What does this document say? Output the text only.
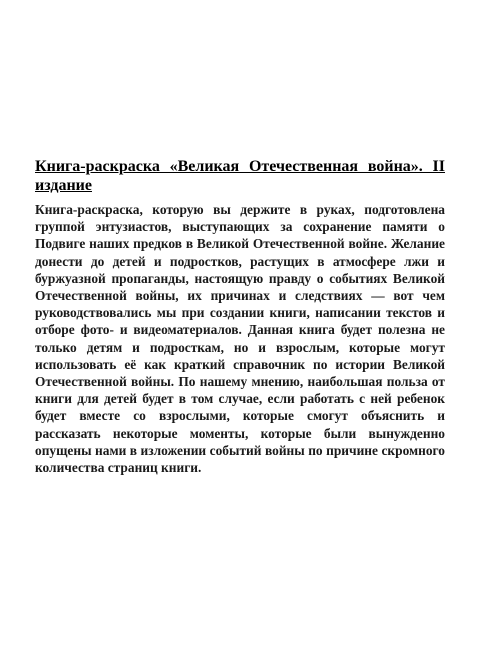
Книга-раскраска «Великая Отечественная война». II издание

Книга-раскраска, которую вы держите в руках, подготовлена группой энтузиастов, выступающих за сохранение памяти о Подвиге наших предков в Великой Отечественной войне. Желание донести до детей и подростков, растущих в атмосфере лжи и буржуазной пропаганды, настоящую правду о событиях Великой Отечественной войны, их причинах и следствиях — вот чем руководствовались мы при создании книги, написании текстов и отборе фото- и видеоматериалов. Данная книга будет полезна не только детям и подросткам, но и взрослым, которые могут использовать её как краткий справочник по истории Великой Отечественной войны. По нашему мнению, наибольшая польза от книги для детей будет в том случае, если работать с ней ребенок будет вместе со взрослыми, которые смогут объяснить и рассказать некоторые моменты, которые были вынужденно опущены нами в изложении событий войны по причине скромного количества страниц книги.
